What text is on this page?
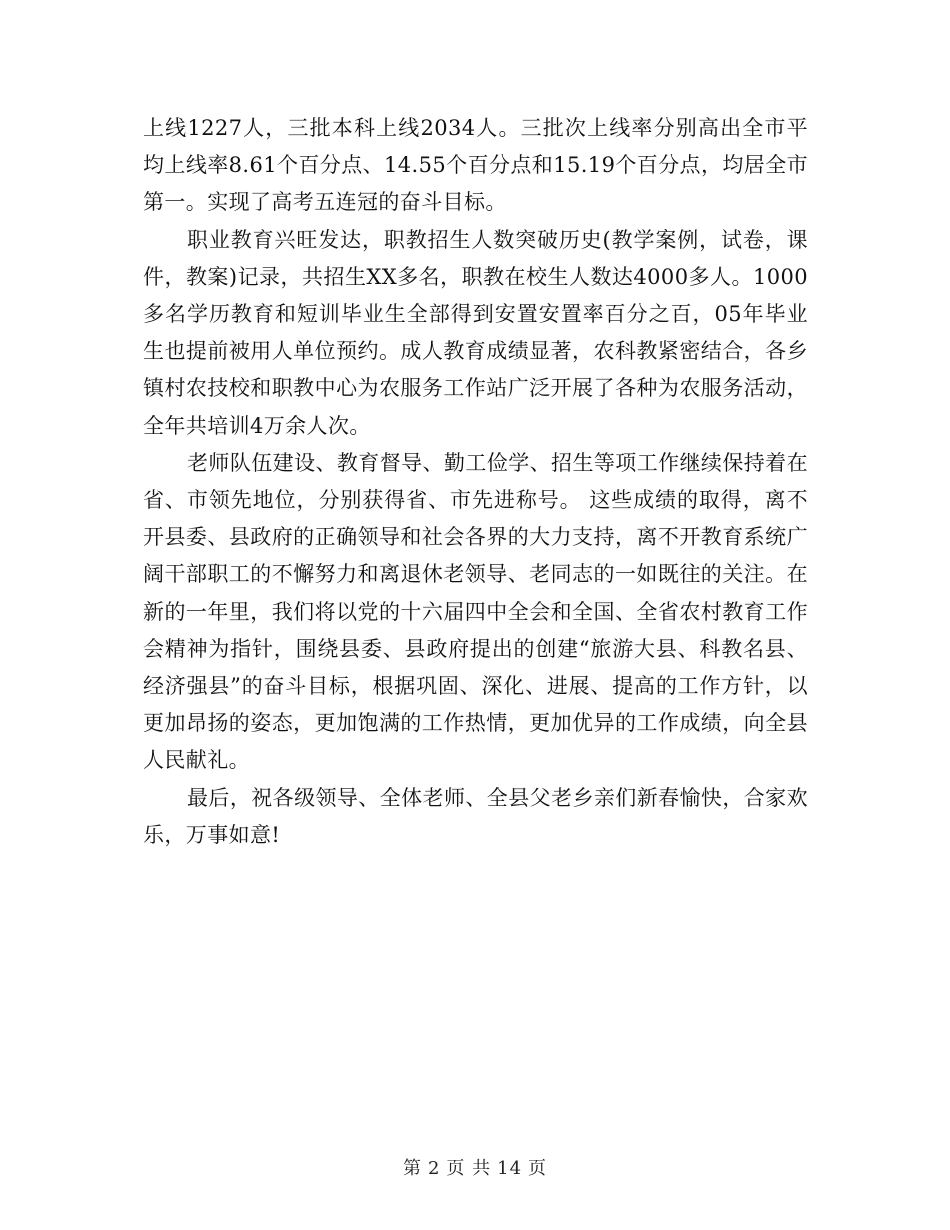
上线1227人，三批本科上线2034人。三批次上线率分别高出全市平均上线率8.61个百分点、14.55个百分点和15.19个百分点，均居全市第一。实现了高考五连冠的奋斗目标。

职业教育兴旺发达，职教招生人数突破历史(教学案例，试卷，课件，教案)记录，共招生XX多名，职教在校生人数达4000多人。1000多名学历教育和短训毕业生全部得到安置安置率百分之百，05年毕业生也提前被用人单位预约。成人教育成绩显著，农科教紧密结合，各乡镇村农技校和职教中心为农服务工作站广泛开展了各种为农服务活动，全年共培训4万余人次。

老师队伍建设、教育督导、勤工俭学、招生等项工作继续保持着在省、市领先地位，分别获得省、市先进称号。 这些成绩的取得，离不开县委、县政府的正确领导和社会各界的大力支持，离不开教育系统广阔干部职工的不懈努力和离退休老领导、老同志的一如既往的关注。在新的一年里，我们将以党的十六届四中全会和全国、全省农村教育工作会精神为指针，围绕县委、县政府提出的创建“旅游大县、科教名县、经济强县”的奋斗目标，根据巩固、深化、进展、提高的工作方针，以更加昂扬的姿态，更加饱满的工作热情，更加优异的工作成绩，向全县人民献礼。

最后，祝各级领导、全体老师、全县父老乡亲们新春愉快，合家欢乐，万事如意!

第 2 页 共 14 页
